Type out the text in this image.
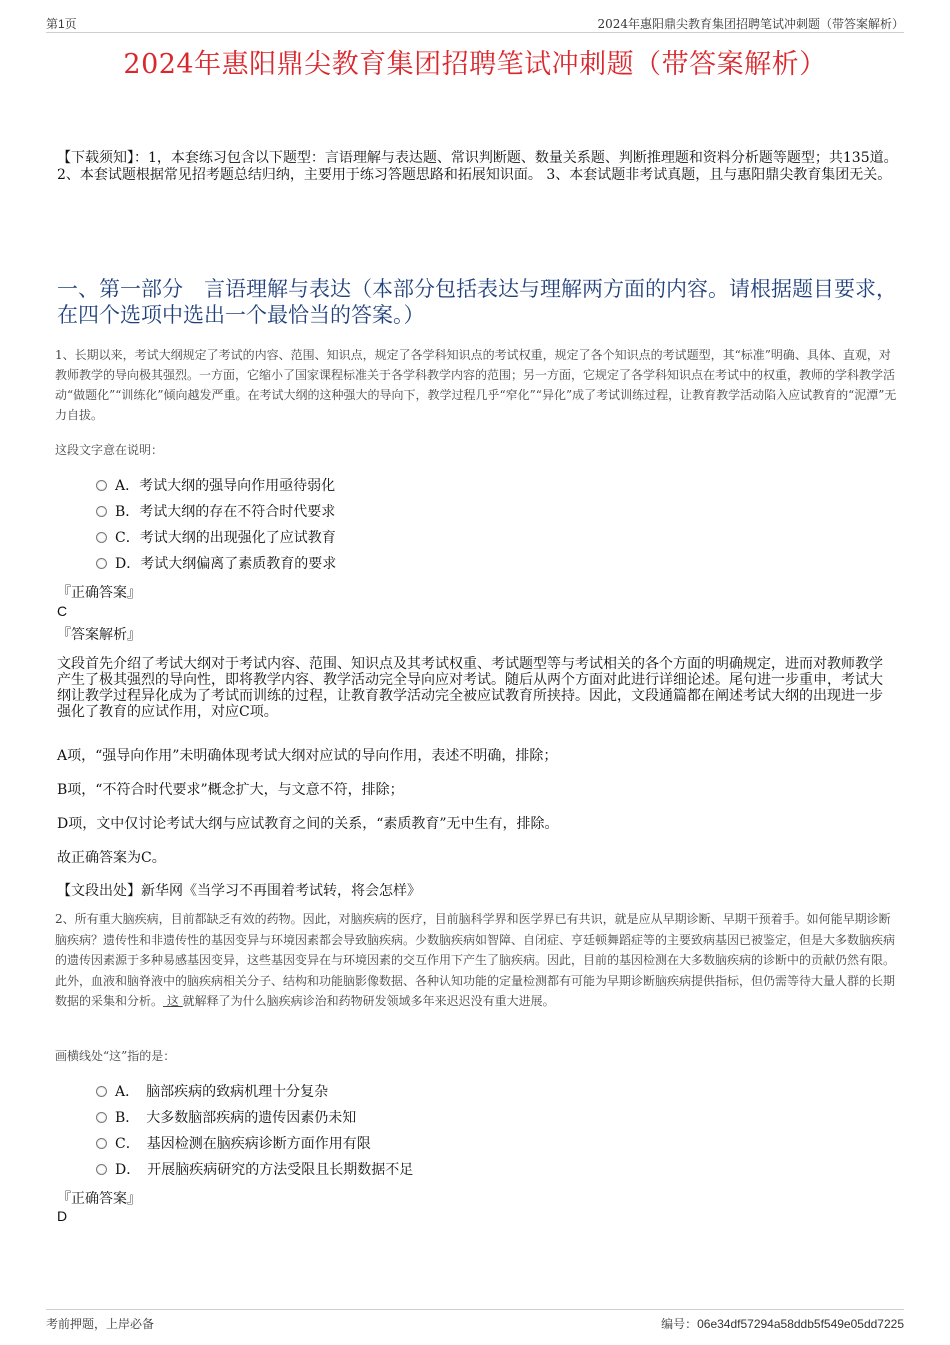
第1页	2024年惠阳鼎尖教育集团招聘笔试冲刺题（带答案解析）
2024年惠阳鼎尖教育集团招聘笔试冲刺题（带答案解析）
【下载须知】：1，本套练习包含以下题型：言语理解与表达题、常识判断题、数量关系题、判断推理题和资料分析题等题型；共135道。 2、本套试题根据常见招考题总结归纳，主要用于练习答题思路和拓展知识面。 3、本套试题非考试真题，且与惠阳鼎尖教育集团无关。
一、第一部分　言语理解与表达（本部分包括表达与理解两方面的内容。请根据题目要求，在四个选项中选出一个最恰当的答案。）
1、长期以来，考试大纲规定了考试的内容、范围、知识点，规定了各学科知识点的考试权重，规定了各个知识点的考试题型，其“标准”明确、具体、直观，对教师教学的导向极其强烈。一方面，它缩小了国家课程标准关于各学科教学内容的范围；另一方面，它规定了各学科知识点在考试中的权重，教师的学科教学活动“做题化”“训练化”倾向越发严重。在考试大纲的这种强大的导向下，教学过程几乎“窄化”“异化”成了考试训练过程，让教育教学活动陷入应试教育的“泥潭”无力自拔。
这段文字意在说明：
A．考试大纲的强导向作用亟待弱化
B．考试大纲的存在不符合时代要求
C．考试大纲的出现强化了应试教育
D．考试大纲偏离了素质教育的要求
『正确答案』
C
『答案解析』
文段首先介绍了考试大纲对于考试内容、范围、知识点及其考试权重、考试题型等与考试相关的各个方面的明确规定，进而对教师教学产生了极其强烈的导向性，即将教学内容、教学活动完全导向应对考试。随后从两个方面对此进行详细论述。尾句进一步重申，考试大纲让教学过程异化成为了考试而训练的过程，让教育教学活动完全被应试教育所挟持。因此，文段通篇都在阐述考试大纲的出现进一步强化了教育的应试作用，对应C项。
A项，“强导向作用”未明确体现考试大纲对应试的导向作用，表述不明确，排除；
B项，“不符合时代要求”概念扩大，与文意不符，排除；
D项，文中仅讨论考试大纲与应试教育之间的关系，“素质教育”无中生有，排除。
故正确答案为C。
【文段出处】新华网《当学习不再围着考试转，将会怎样》
2、所有重大脑疾病，目前都缺乏有效的药物。因此，对脑疾病的医疗，目前脑科学界和医学界已有共识，就是应从早期诊断、早期干预着手。如何能早期诊断脑疾病？遗传性和非遗传性的基因变异与环境因素都会导致脑疾病。少数脑疾病如智障、自闭症、亨廷顿舞蹈症等的主要致病基因已被鉴定，但是大多数脑疾病的遗传因素源于多种易感基因变异，这些基因变异在与环境因素的交互作用下产生了脑疾病。因此，目前的基因检测在大多数脑疾病的诊断中的贡献仍然有限。此外，血液和脑脊液中的脑疾病相关分子、结构和功能脑影像数据、各种认知功能的定量检测都有可能为早期诊断脑疾病提供指标，但仍需等待大量人群的长期数据的采集和分析。 这 就解释了为什么脑疾病诊治和药物研发领域多年来迟迟没有重大进展。
画横线处“这”指的是：
A．　脑部疾病的致病机理十分复杂
B．　大多数脑部疾病的遗传因素仍未知
C．　基因检测在脑疾病诊断方面作用有限
D．　开展脑疾病研究的方法受限且长期数据不足
『正确答案』
D
考前押题，上岸必备	编号：06e34df57294a58ddb5f549e05dd7225
